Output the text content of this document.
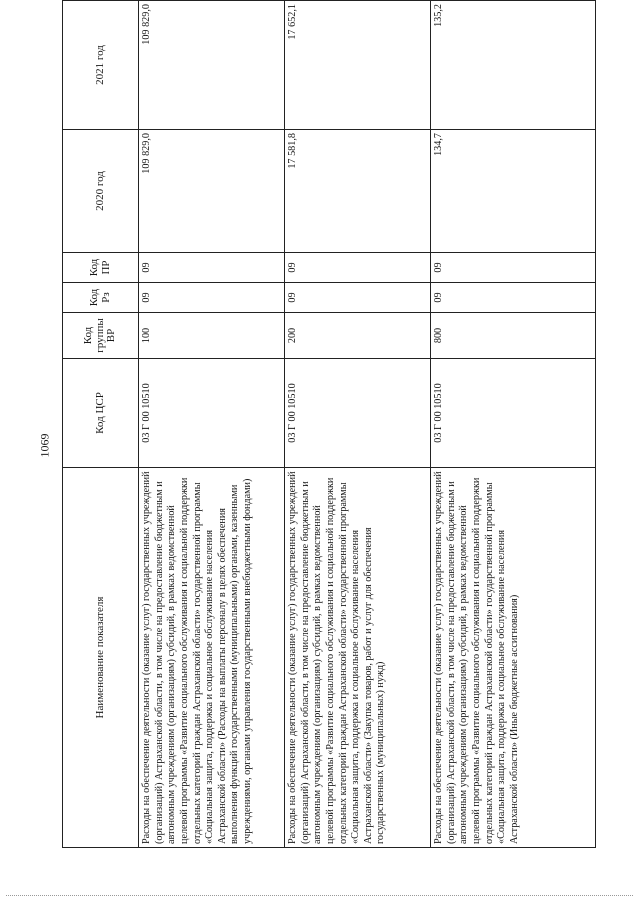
1069
Наименование показателя	Код ЦСР	Код группы ВР	Код Рз	Код ПР	2020 год	2021 год
Расходы на обеспечение деятельности (оказание услуг) государственных учреждений (организаций) Астраханской области, в том числе на предоставление бюджетным и автономным учреждениям (организациям) субсидий, в рамках ведомственной целевой программы «Развитие социального обслуживания и социальной поддержки отдельных категорий граждан Астраханской области» государственной программы «Социальная защита, поддержка и социальное обслуживание населения Астраханской области» (Расходы на выплаты персоналу в целях обеспечения выполнения функций государственными (муниципальными) органами, казенными учреждениями, органами управления государственными внебюджетными фондами)	03 Г 00 10510	100	09	09	109 829,0	109 829,0
Расходы на обеспечение деятельности (оказание услуг) государственных учреждений (организаций) Астраханской области, в том числе на предоставление бюджетным и автономным учреждениям (организациям) субсидий, в рамках ведомственной целевой программы «Развитие социального обслуживания и социальной поддержки отдельных категорий граждан Астраханской области» государственной программы «Социальная защита, поддержка и социальное обслуживание населения Астраханской области» (Закупка товаров, работ и услуг для обеспечения государственных (муниципальных) нужд)	03 Г 00 10510	200	09	09	17 581,8	17 652,1
Расходы на обеспечение деятельности (оказание услуг) государственных учреждений (организаций) Астраханской области, в том числе на предоставление бюджетным и автономным учреждениям (организациям) субсидий, в рамках ведомственной целевой программы «Развитие социального обслуживания и социальной поддержки отдельных категорий граждан Астраханской области» государственной программы «Социальная защита, поддержка и социальное обслуживание населения Астраханской области» (Иные бюджетные ассигнования)	03 Г 00 10510	800	09	09	134,7	135,2
